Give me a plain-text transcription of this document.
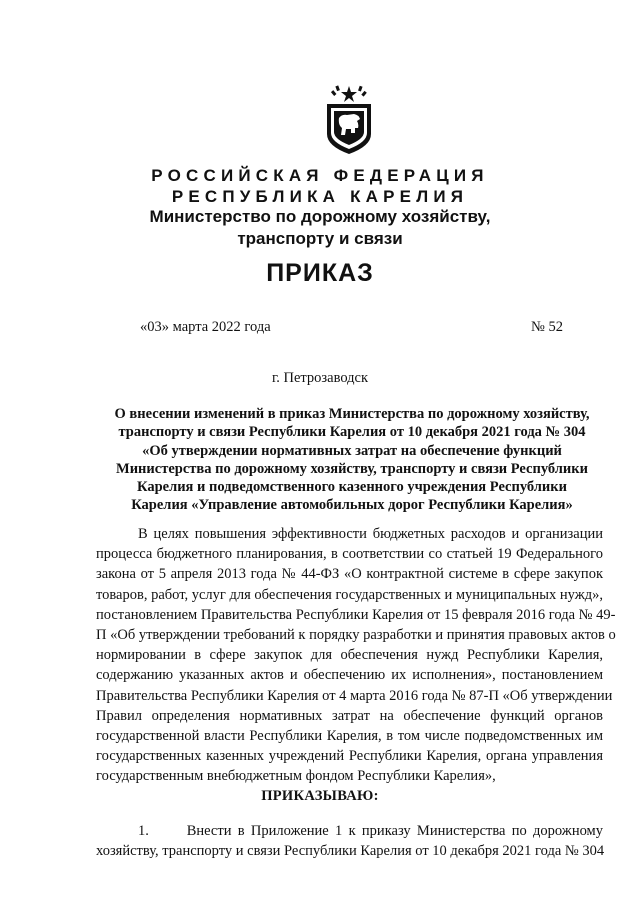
РОССИЙСКАЯ ФЕДЕРАЦИЯ
РЕСПУБЛИКА КАРЕЛИЯ
Министерство по дорожному хозяйству,
транспорту и связи
ПРИКАЗ
«03» марта 2022 года	№ 52
г. Петрозаводск
О внесении изменений в приказ Министерства по дорожному хозяйству,
транспорту и связи Республики Карелия от 10 декабря 2021 года № 304
«Об утверждении нормативных затрат на обеспечение функций
Министерства по дорожному хозяйству, транспорту и связи Республики
Карелия и подведомственного казенного учреждения Республики
Карелия «Управление автомобильных дорог Республики Карелия»
В целях повышения эффективности бюджетных расходов и организации
процесса бюджетного планирования, в соответствии со статьей 19 Федерального
закона от 5 апреля 2013 года № 44-ФЗ «О контрактной системе в сфере закупок
товаров, работ, услуг для обеспечения государственных и муниципальных нужд»,
постановлением Правительства Республики Карелия от 15 февраля 2016 года № 49-
П «Об утверждении требований к порядку разработки и принятия правовых актов о
нормировании в сфере закупок для обеспечения нужд Республики Карелия,
содержанию указанных актов и обеспечению их исполнения», постановлением
Правительства Республики Карелия от 4 марта 2016 года № 87-П «Об утверждении
Правил определения нормативных затрат на обеспечение функций органов
государственной власти Республики Карелия, в том числе подведомственных им
государственных казенных учреждений Республики Карелия, органа управления
государственным внебюджетным фондом Республики Карелия»,
ПРИКАЗЫВАЮ:
1.      Внести в Приложение 1 к приказу Министерства по дорожному
хозяйству, транспорту и связи Республики Карелия от 10 декабря 2021 года № 304
